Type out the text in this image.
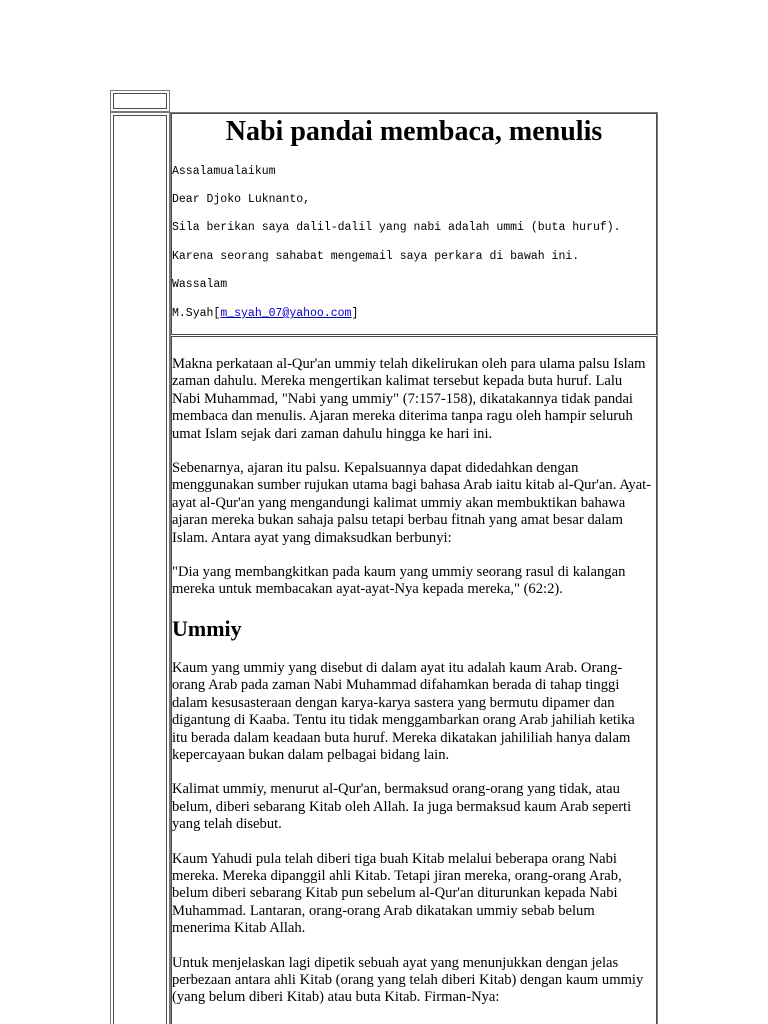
Nabi pandai membaca, menulis

Assalamualaikum

Dear Djoko Luknanto,

Sila berikan saya dalil-dalil yang nabi adalah ummi (buta huruf).

Karena seorang sahabat mengemail saya perkara di bawah ini.

Wassalam

M.Syah[m_syah_07@yahoo.com]

Makna perkataan al-Qur'an ummiy telah dikelirukan oleh para ulama palsu Islam zaman dahulu. Mereka mengertikan kalimat tersebut kepada buta huruf. Lalu Nabi Muhammad, "Nabi yang ummiy" (7:157-158), dikatakannya tidak pandai membaca dan menulis. Ajaran mereka diterima tanpa ragu oleh hampir seluruh umat Islam sejak dari zaman dahulu hingga ke hari ini.

Sebenarnya, ajaran itu palsu. Kepalsuannya dapat didedahkan dengan menggunakan sumber rujukan utama bagi bahasa Arab iaitu kitab al-Qur'an. Ayat-ayat al-Qur'an yang mengandungi kalimat ummiy akan membuktikan bahawa ajaran mereka bukan sahaja palsu tetapi berbau fitnah yang amat besar dalam Islam. Antara ayat yang dimaksudkan berbunyi:

"Dia yang membangkitkan pada kaum yang ummiy seorang rasul di kalangan mereka untuk membacakan ayat-ayat-Nya kepada mereka," (62:2).

Ummiy

Kaum yang ummiy yang disebut di dalam ayat itu adalah kaum Arab. Orang-orang Arab pada zaman Nabi Muhammad difahamkan berada di tahap tinggi dalam kesusasteraan dengan karya-karya sastera yang bermutu dipamer dan digantung di Kaaba. Tentu itu tidak menggambarkan orang Arab jahiliah ketika itu berada dalam keadaan buta huruf. Mereka dikatakan jahililiah hanya dalam kepercayaan bukan dalam pelbagai bidang lain.

Kalimat ummiy, menurut al-Qur'an, bermaksud orang-orang yang tidak, atau belum, diberi sebarang Kitab oleh Allah. Ia juga bermaksud kaum Arab seperti yang telah disebut.

Kaum Yahudi pula telah diberi tiga buah Kitab melalui beberapa orang Nabi mereka. Mereka dipanggil ahli Kitab. Tetapi jiran mereka, orang-orang Arab, belum diberi sebarang Kitab pun sebelum al-Qur'an diturunkan kepada Nabi Muhammad. Lantaran, orang-orang Arab dikatakan ummiy sebab belum menerima Kitab Allah.

Untuk menjelaskan lagi dipetik sebuah ayat yang menunjukkan dengan jelas perbezaan antara ahli Kitab (orang yang telah diberi Kitab) dengan kaum ummiy (yang belum diberi Kitab) atau buta Kitab. Firman-Nya:
